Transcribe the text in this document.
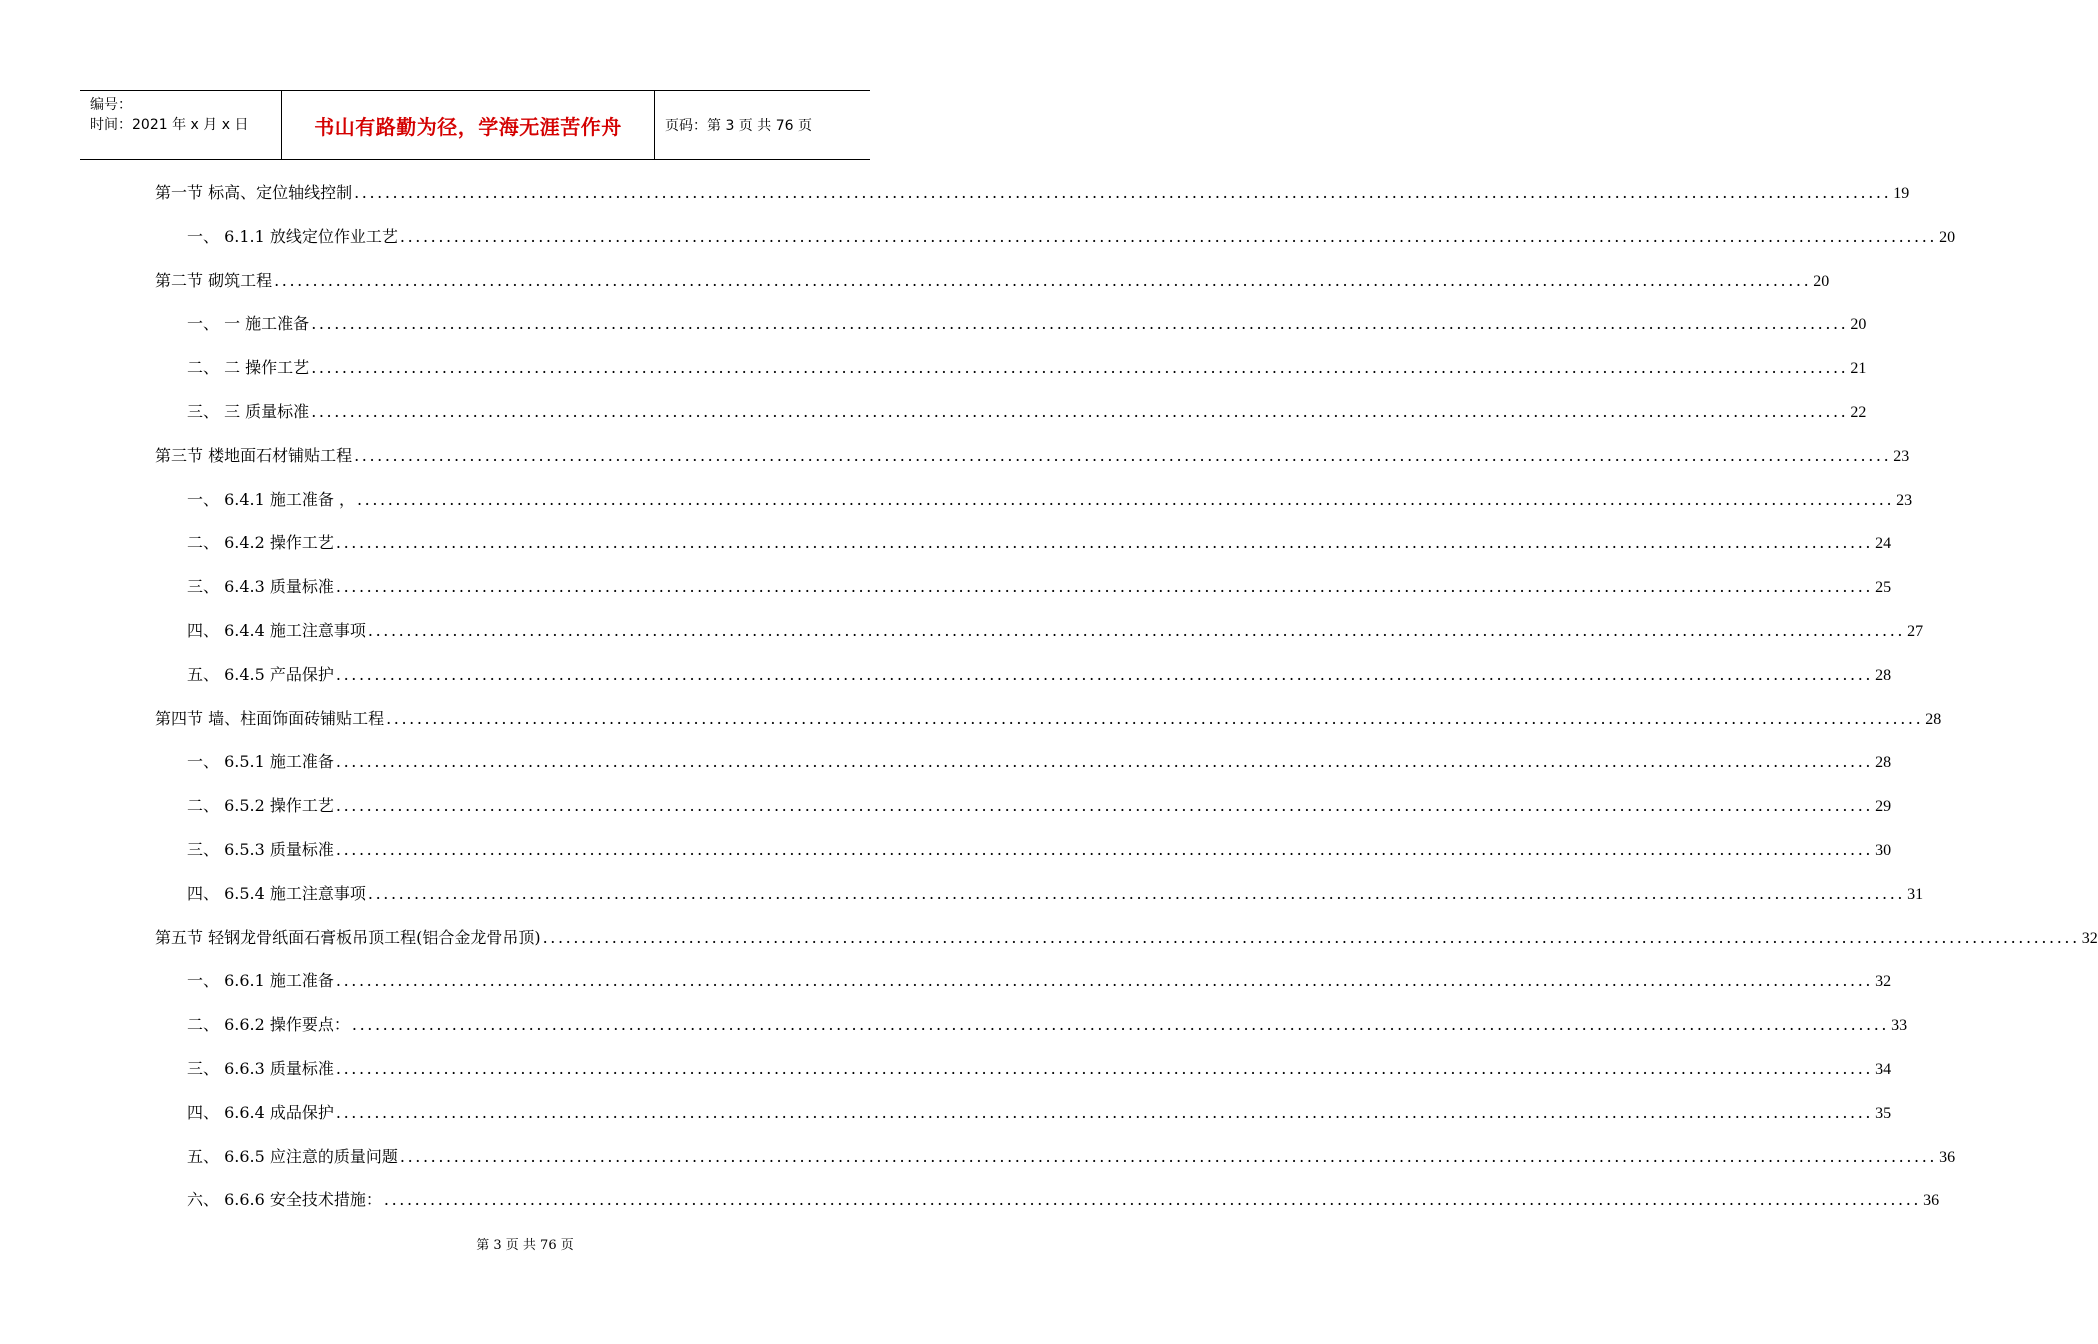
编号：
时间：2021 年 x 月 x 日	书山有路勤为径，学海无涯苦作舟	页码：第 3 页 共 76 页
第一节 标高、定位轴线控制 ........................................................................................................................................................................................................ 19
一、 6.1.1 放线定位作业工艺 ........................................................................................................................................................................................................ 20
第二节 砌筑工程 ........................................................................................................................................................................................................ 20
一、 一 施工准备 ........................................................................................................................................................................................................ 20
二、 二 操作工艺 ........................................................................................................................................................................................................ 21
三、 三 质量标准 ........................................................................................................................................................................................................ 22
第三节 楼地面石材铺贴工程 ........................................................................................................................................................................................................ 23
一、 6.4.1 施工准备 ， ........................................................................................................................................................................................................ 23
二、 6.4.2 操作工艺 ........................................................................................................................................................................................................ 24
三、 6.4.3 质量标准 ........................................................................................................................................................................................................ 25
四、 6.4.4 施工注意事项 ........................................................................................................................................................................................................ 27
五、 6.4.5 产品保护 ........................................................................................................................................................................................................ 28
第四节 墙、柱面饰面砖铺贴工程 ........................................................................................................................................................................................................ 28
一、 6.5.1 施工准备 ........................................................................................................................................................................................................ 28
二、 6.5.2 操作工艺 ........................................................................................................................................................................................................ 29
三、 6.5.3 质量标准 ........................................................................................................................................................................................................ 30
四、 6.5.4 施工注意事项 ........................................................................................................................................................................................................ 31
第五节 轻钢龙骨纸面石膏板吊顶工程(铝合金龙骨吊顶) ........................................................................................................................................................................................................ 32
一、 6.6.1 施工准备 ........................................................................................................................................................................................................ 32
二、 6.6.2 操作要点： ........................................................................................................................................................................................................ 33
三、 6.6.3 质量标准 ........................................................................................................................................................................................................ 34
四、 6.6.4 成品保护 ........................................................................................................................................................................................................ 35
五、 6.6.5 应注意的质量问题 ........................................................................................................................................................................................................ 36
六、 6.6.6 安全技术措施： ........................................................................................................................................................................................................ 36
第 3 页 共 76 页
